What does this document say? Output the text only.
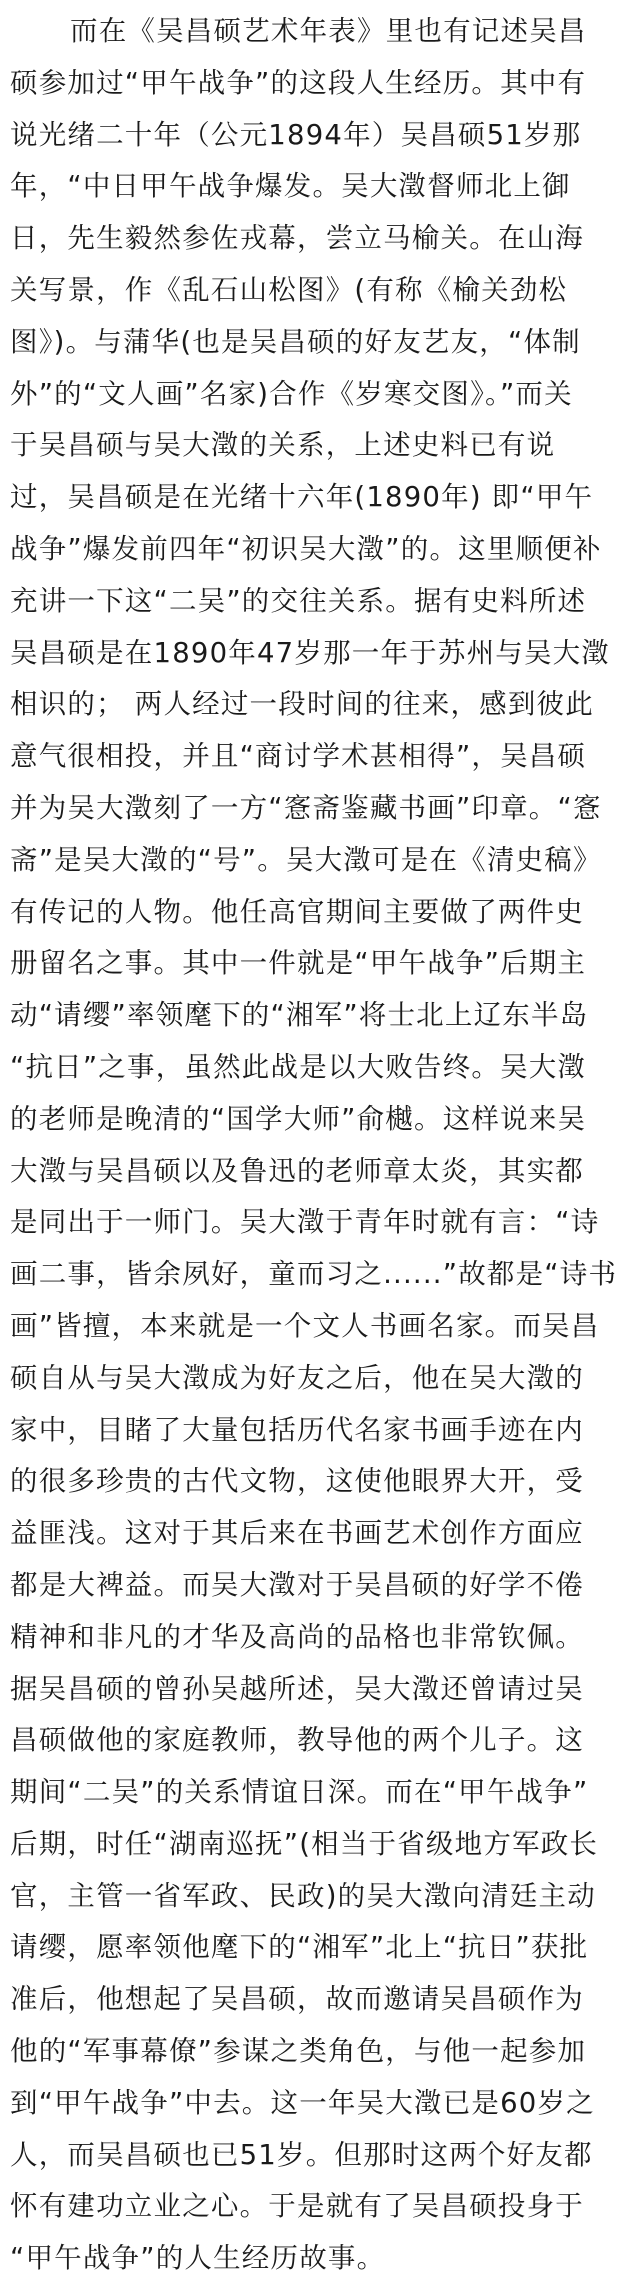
而在《吴昌硕艺术年表》里也有记述吴昌
硕参加过“甲午战争”的这段人生经历。其中有
说光绪二十年（公元1894年）吴昌硕51岁那
年，“中日甲午战争爆发。吴大澂督师北上御
日，先生毅然参佐戎幕，尝立马榆关。在山海
关写景，作《乱石山松图》(有称《榆关劲松
图》)。与蒲华(也是吴昌硕的好友艺友，“体制
外”的“文人画”名家)合作《岁寒交图》。”而关
于吴昌硕与吴大澂的关系，上述史料已有说
过，吴昌硕是在光绪十六年(1890年) 即“甲午
战争”爆发前四年“初识吴大澂”的。这里顺便补
充讲一下这“二吴”的交往关系。据有史料所述
吴昌硕是在1890年47岁那一年于苏州与吴大澂
相识的； 两人经过一段时间的往来，感到彼此
意气很相投，并且“商讨学术甚相得”，吴昌硕
并为吴大澂刻了一方“愙斋鉴藏书画”印章。“愙
斋”是吴大澂的“号”。吴大澂可是在《清史稿》
有传记的人物。他任高官期间主要做了两件史
册留名之事。其中一件就是“甲午战争”后期主
动“请缨”率领麾下的“湘军”将士北上辽东半岛
“抗日”之事，虽然此战是以大败告终。吴大澂
的老师是晚清的“国学大师”俞樾。这样说来吴
大澂与吴昌硕以及鲁迅的老师章太炎，其实都
是同出于一师门。吴大澂于青年时就有言：“诗
画二事，皆余夙好，童而习之......”故都是“诗书
画”皆擅，本来就是一个文人书画名家。而吴昌
硕自从与吴大澂成为好友之后，他在吴大澂的
家中，目睹了大量包括历代名家书画手迹在内
的很多珍贵的古代文物，这使他眼界大开，受
益匪浅。这对于其后来在书画艺术创作方面应
都是大裨益。而吴大澂对于吴昌硕的好学不倦
精神和非凡的才华及高尚的品格也非常钦佩。
据吴昌硕的曾孙吴越所述，吴大澂还曾请过吴
昌硕做他的家庭教师，教导他的两个儿子。这
期间“二吴”的关系情谊日深。而在“甲午战争”
后期，时任“湖南巡抚”(相当于省级地方军政长
官，主管一省军政、民政)的吴大澂向清廷主动
请缨，愿率领他麾下的“湘军”北上“抗日”获批
准后，他想起了吴昌硕，故而邀请吴昌硕作为
他的“军事幕僚”参谋之类角色，与他一起参加
到“甲午战争”中去。这一年吴大澂已是60岁之
人，而吴昌硕也已51岁。但那时这两个好友都
怀有建功立业之心。于是就有了吴昌硕投身于
“甲午战争”的人生经历故事。
